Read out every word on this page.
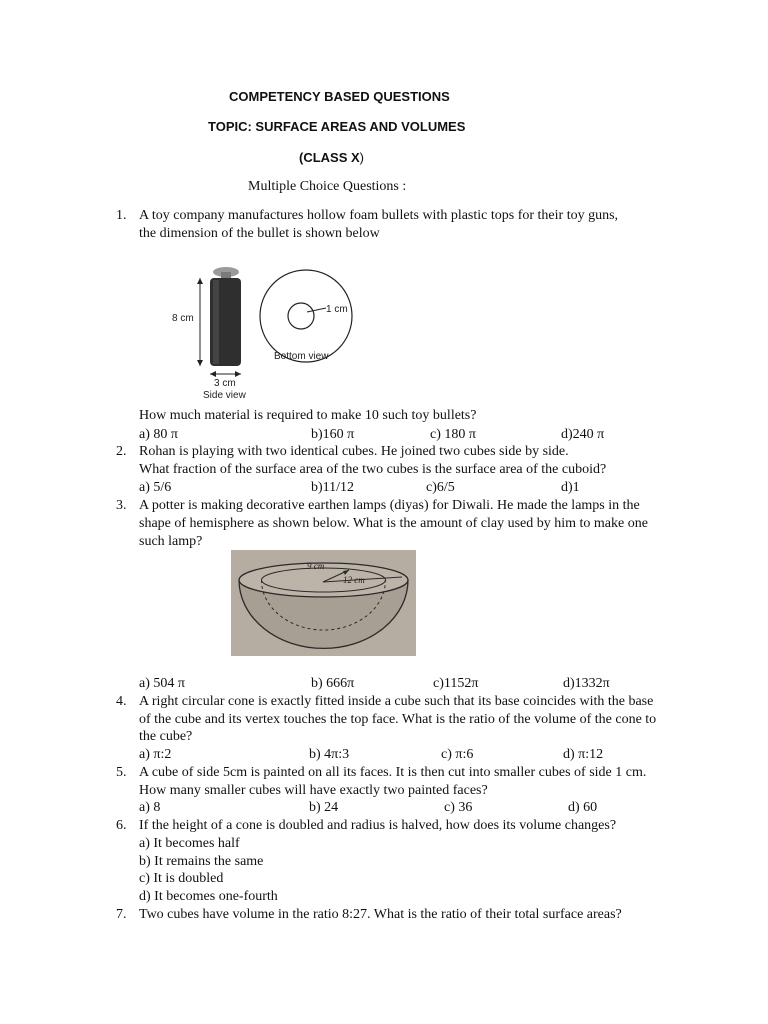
COMPETENCY BASED QUESTIONS
TOPIC: SURFACE AREAS AND VOLUMES
(CLASS X)
Multiple Choice Questions :
1. A toy company manufactures hollow foam bullets with plastic tops for their toy guns,
the dimension of the bullet is shown below
8 cm
3 cm
Side view
1 cm
Bottom view
How much material is required to make 10 such toy bullets?
a) 80 π	b)160 π	c) 180 π	d)240 π
2. Rohan is playing with two identical cubes. He joined two cubes side by side.
What fraction of the surface area of the two cubes is the surface area of the cuboid?
a) 5/6	b)11/12	c)6/5	d)1
3. A potter is making decorative earthen lamps (diyas) for Diwali. He made the lamps in the
shape of hemisphere as shown below. What is the amount of clay used by him to make one
such lamp?
9 cm
12 cm
a) 504 π	b) 666π	c)1152π	d)1332π
4. A right circular cone is exactly fitted inside a cube such that its base coincides with the base
of the cube and its vertex touches the top face. What is the ratio of the volume of the cone to
the cube?
a) π:2	b) 4π:3	c) π:6	d) π:12
5. A cube of side 5cm is painted on all its faces. It is then cut into smaller cubes of side 1 cm.
How many smaller cubes will have exactly two painted faces?
a) 8	b) 24	c) 36	d) 60
6. If the height of a cone is doubled and radius is halved, how does its volume changes?
a) It becomes half
b) It remains the same
c) It is doubled
d) It becomes one-fourth
7. Two cubes have volume in the ratio 8:27. What is the ratio of their total surface areas?
